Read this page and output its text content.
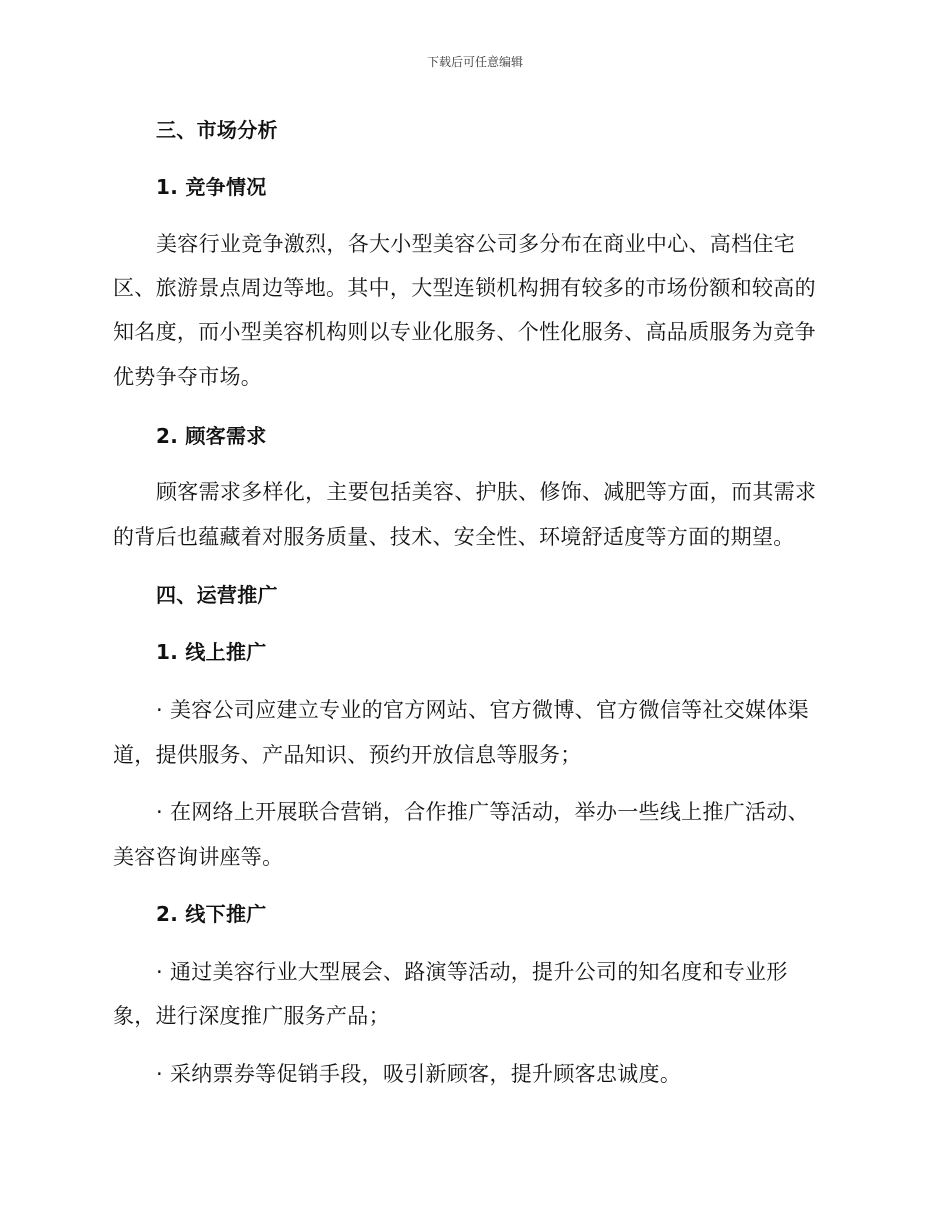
下载后可任意编辑
三、市场分析
1. 竞争情况
美容行业竞争激烈，各大小型美容公司多分布在商业中心、高档住宅
区、旅游景点周边等地。其中，大型连锁机构拥有较多的市场份额和较高的
知名度，而小型美容机构则以专业化服务、个性化服务、高品质服务为竞争
优势争夺市场。
2. 顾客需求
顾客需求多样化，主要包括美容、护肤、修饰、减肥等方面，而其需求
的背后也蕴藏着对服务质量、技术、安全性、环境舒适度等方面的期望。
四、运营推广
1. 线上推广
· 美容公司应建立专业的官方网站、官方微博、官方微信等社交媒体渠
道，提供服务、产品知识、预约开放信息等服务；
· 在网络上开展联合营销，合作推广等活动，举办一些线上推广活动、
美容咨询讲座等。
2. 线下推广
· 通过美容行业大型展会、路演等活动，提升公司的知名度和专业形
象，进行深度推广服务产品；
· 采纳票券等促销手段，吸引新顾客，提升顾客忠诚度。
